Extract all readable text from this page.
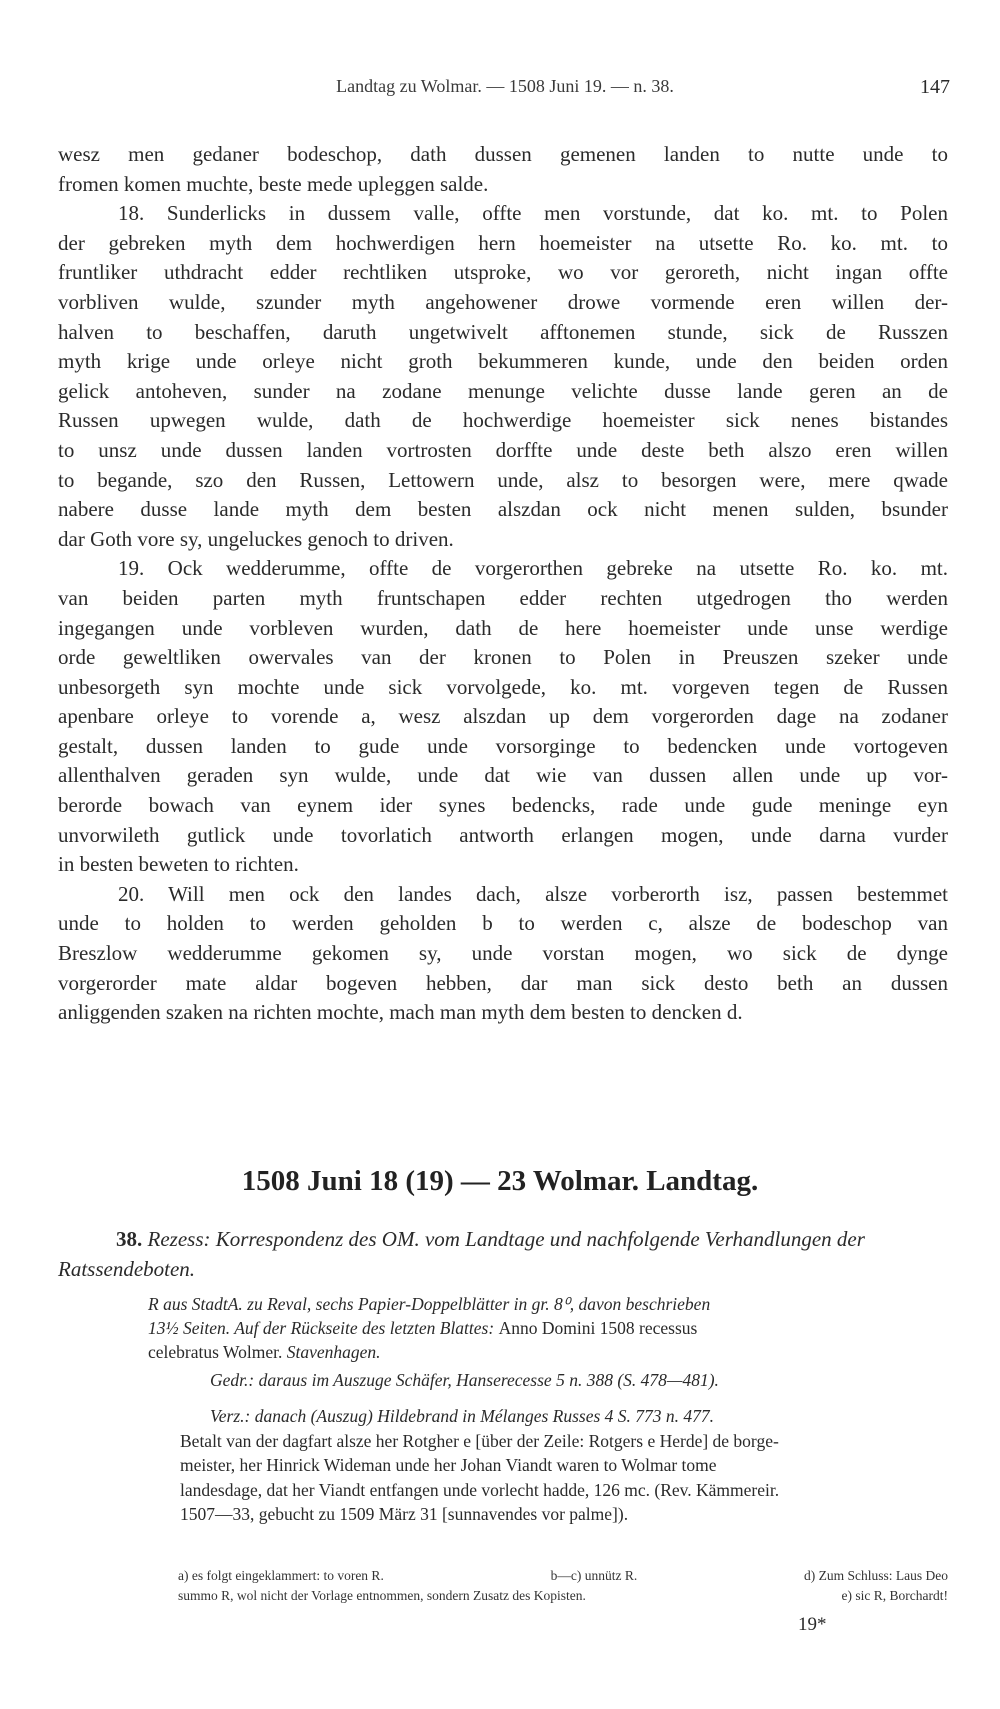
Landtag zu Wolmar. — 1508 Juni 19. — n. 38.	147
wesz men gedaner bodeschop, dath dussen gemenen landen to nutte unde to
fromen komen muchte, beste mede upleggen salde.
18. Sunderlicks in dussem valle, offte men vorstunde, dat ko. mt. to Polen
der gebreken myth dem hochwerdigen hern hoemeister na utsette Ro. ko. mt. to
fruntliker uthdracht edder rechtliken utsproke, wo vor geroreth, nicht ingan offte
vorbliven wulde, szunder myth angehowener drowe vormende eren willen der-
halven to beschaffen, daruth ungetwivelt afftonemen stunde, sick de Russzen
myth krige unde orleye nicht groth bekummeren kunde, unde den beiden orden
gelick antoheven, sunder na zodane menunge velichte dusse lande geren an de
Russen upwegen wulde, dath de hochwerdige hoemeister sick nenes bistandes
to unsz unde dussen landen vortrosten dorffte unde deste beth alszo eren willen
to begande, szo den Russen, Lettowern unde, alsz to besorgen were, mere qwade
nabere dusse lande myth dem besten alszdan ock nicht menen sulden, bsunder
dar Goth vore sy, ungeluckes genoch to driven.
19. Ock wedderumme, offte de vorgerorthen gebreke na utsette Ro. ko. mt.
van beiden parten myth fruntschapen edder rechten utgedrogen tho werden
ingegangen unde vorbleven wurden, dath de here hoemeister unde unse werdige
orde geweltliken owervales van der kronen to Polen in Preuszen szeker unde
unbesorgeth syn mochte unde sick vorvolgede, ko. mt. vorgeven tegen de Russen
apenbare orleye to vorende a, wesz alszdan up dem vorgerorden dage na zodaner
gestalt, dussen landen to gude unde vorsorginge to bedencken unde vortogeven
allenthalven geraden syn wulde, unde dat wie van dussen allen unde up vor-
berorde bowach van eynem ider synes bedencks, rade unde gude meninge eyn
unvorwileth gutlick unde tovorlatich antworth erlangen mogen, unde darna vurder
in besten beweten to richten.
20. Will men ock den landes dach, alsze vorberorth isz, passen bestemmet
unde to holden to werden geholden b to werden c, alsze de bodeschop van
Breszlow wedderumme gekomen sy, unde vorstan mogen, wo sick de dynge
vorgerorder mate aldar bogeven hebben, dar man sick desto beth an dussen
anliggenden szaken na richten mochte, mach man myth dem besten to dencken d.
1508 Juni 18 (19) — 23 Wolmar. Landtag.
38. Rezess: Korrespondenz des OM. vom Landtage und nachfolgende Verhandlungen der Ratssendeboten.
R aus StadtA. zu Reval, sechs Papier-Doppelblätter in gr. 8⁰, davon beschrieben
13½ Seiten. Auf der Rückseite des letzten Blattes: Anno Domini 1508 recessus
celebratus Wolmer. Stavenhagen.
Gedr.: daraus im Auszuge Schäfer, Hanserecesse 5 n. 388 (S. 478—481).
Verz.: danach (Auszug) Hildebrand in Mélanges Russes 4 S. 773 n. 477.
Betalt van der dagfart alsze her Rotgher e [über der Zeile: Rotgers e Herde] de borge-
meister, her Hinrick Wideman unde her Johan Viandt waren to Wolmar tome
landesdage, dat her Viandt entfangen unde vorlecht hadde, 126 mc. (Rev. Kämmereir.
1507—33, gebucht zu 1509 März 31 [sunnavendes vor palme]).
a) es folgt eingeklammert: to voren R.	b—c) unnütz R.	d) Zum Schluss: Laus Deo
summo R, wol nicht der Vorlage entnommen, sondern Zusatz des Kopisten.	e) sic R, Borchardt!
19*
